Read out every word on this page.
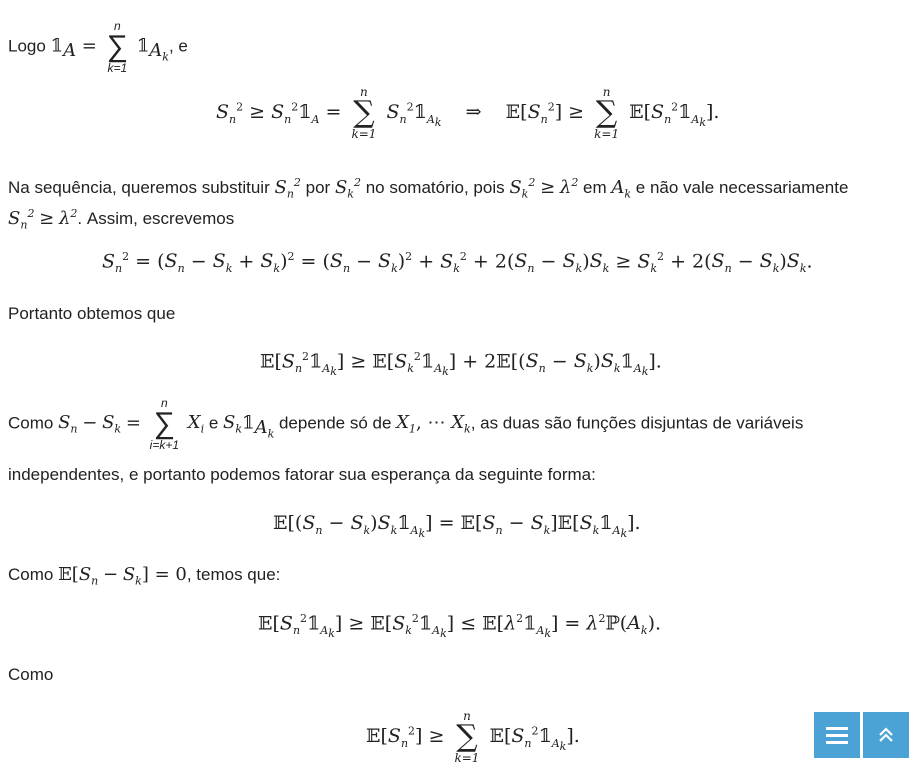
Logo $𝟙_A$ =
n
∑
k=1
$𝟙_{A_k}$, e
$S_n^2$ ≥ $S_n^2𝟙_A$ =
n
∑
k=1
$S_n^2𝟙_{A_k}$    ⇒    $𝔼[S_n^2]$ ≥
n
∑
k=1
$𝔼[S_n^2𝟙_{A_k}]$.
Na sequência, queremos substituir $S_n^2$ por $S_k^2$ no somatório, pois $S_k^2 \ge \lambda^2$ em $A_k$ e não vale necessariamente
$S_n^2 \ge \lambda^2$. Assim, escrevemos
$S_n^2 = (S_n - S_k + S_k)^2 = (S_n - S_k)^2 + S_k^2 + 2(S_n - S_k)S_k \ge S_k^2 + 2(S_n - S_k)S_k$.
Portanto obtemos que
$𝔼[S_n^2𝟙_{A_k}]$ ≥ $𝔼[S_k^2𝟙_{A_k}]$ + $2𝔼[(S_n$ − $S_k)S_k𝟙_{A_k}$].
Como $S_n - S_k$ =
n
∑
i=k+1
$X_i$ e $S_k𝟙_{A_k}$ depende só de $X_1$, ⋯ $X_k$, as duas são funções disjuntas de variáveis
independentes, e portanto podemos fatorar sua esperança da seguinte forma:
$𝔼[(S_n$ − $S_k)S_k𝟙_{A_k}$] = $𝔼[S_n$ − $S_k]𝔼[S_k𝟙_{A_k}]$.
Como $𝔼[S_n - S_k] = 0$, temos que:
$𝔼[S_n^2𝟙_{A_k}]$ ≥ $𝔼[S_k^2𝟙_{A_k}]$ ≤ $𝔼[\lambda^2𝟙_{A_k}]$ = $\lambda^2ℙ(A_k)$.
Como
$𝔼[S_n^2]$ ≥
n
∑
k=1
$𝔼[S_n^2𝟙_{A_k}]$.
